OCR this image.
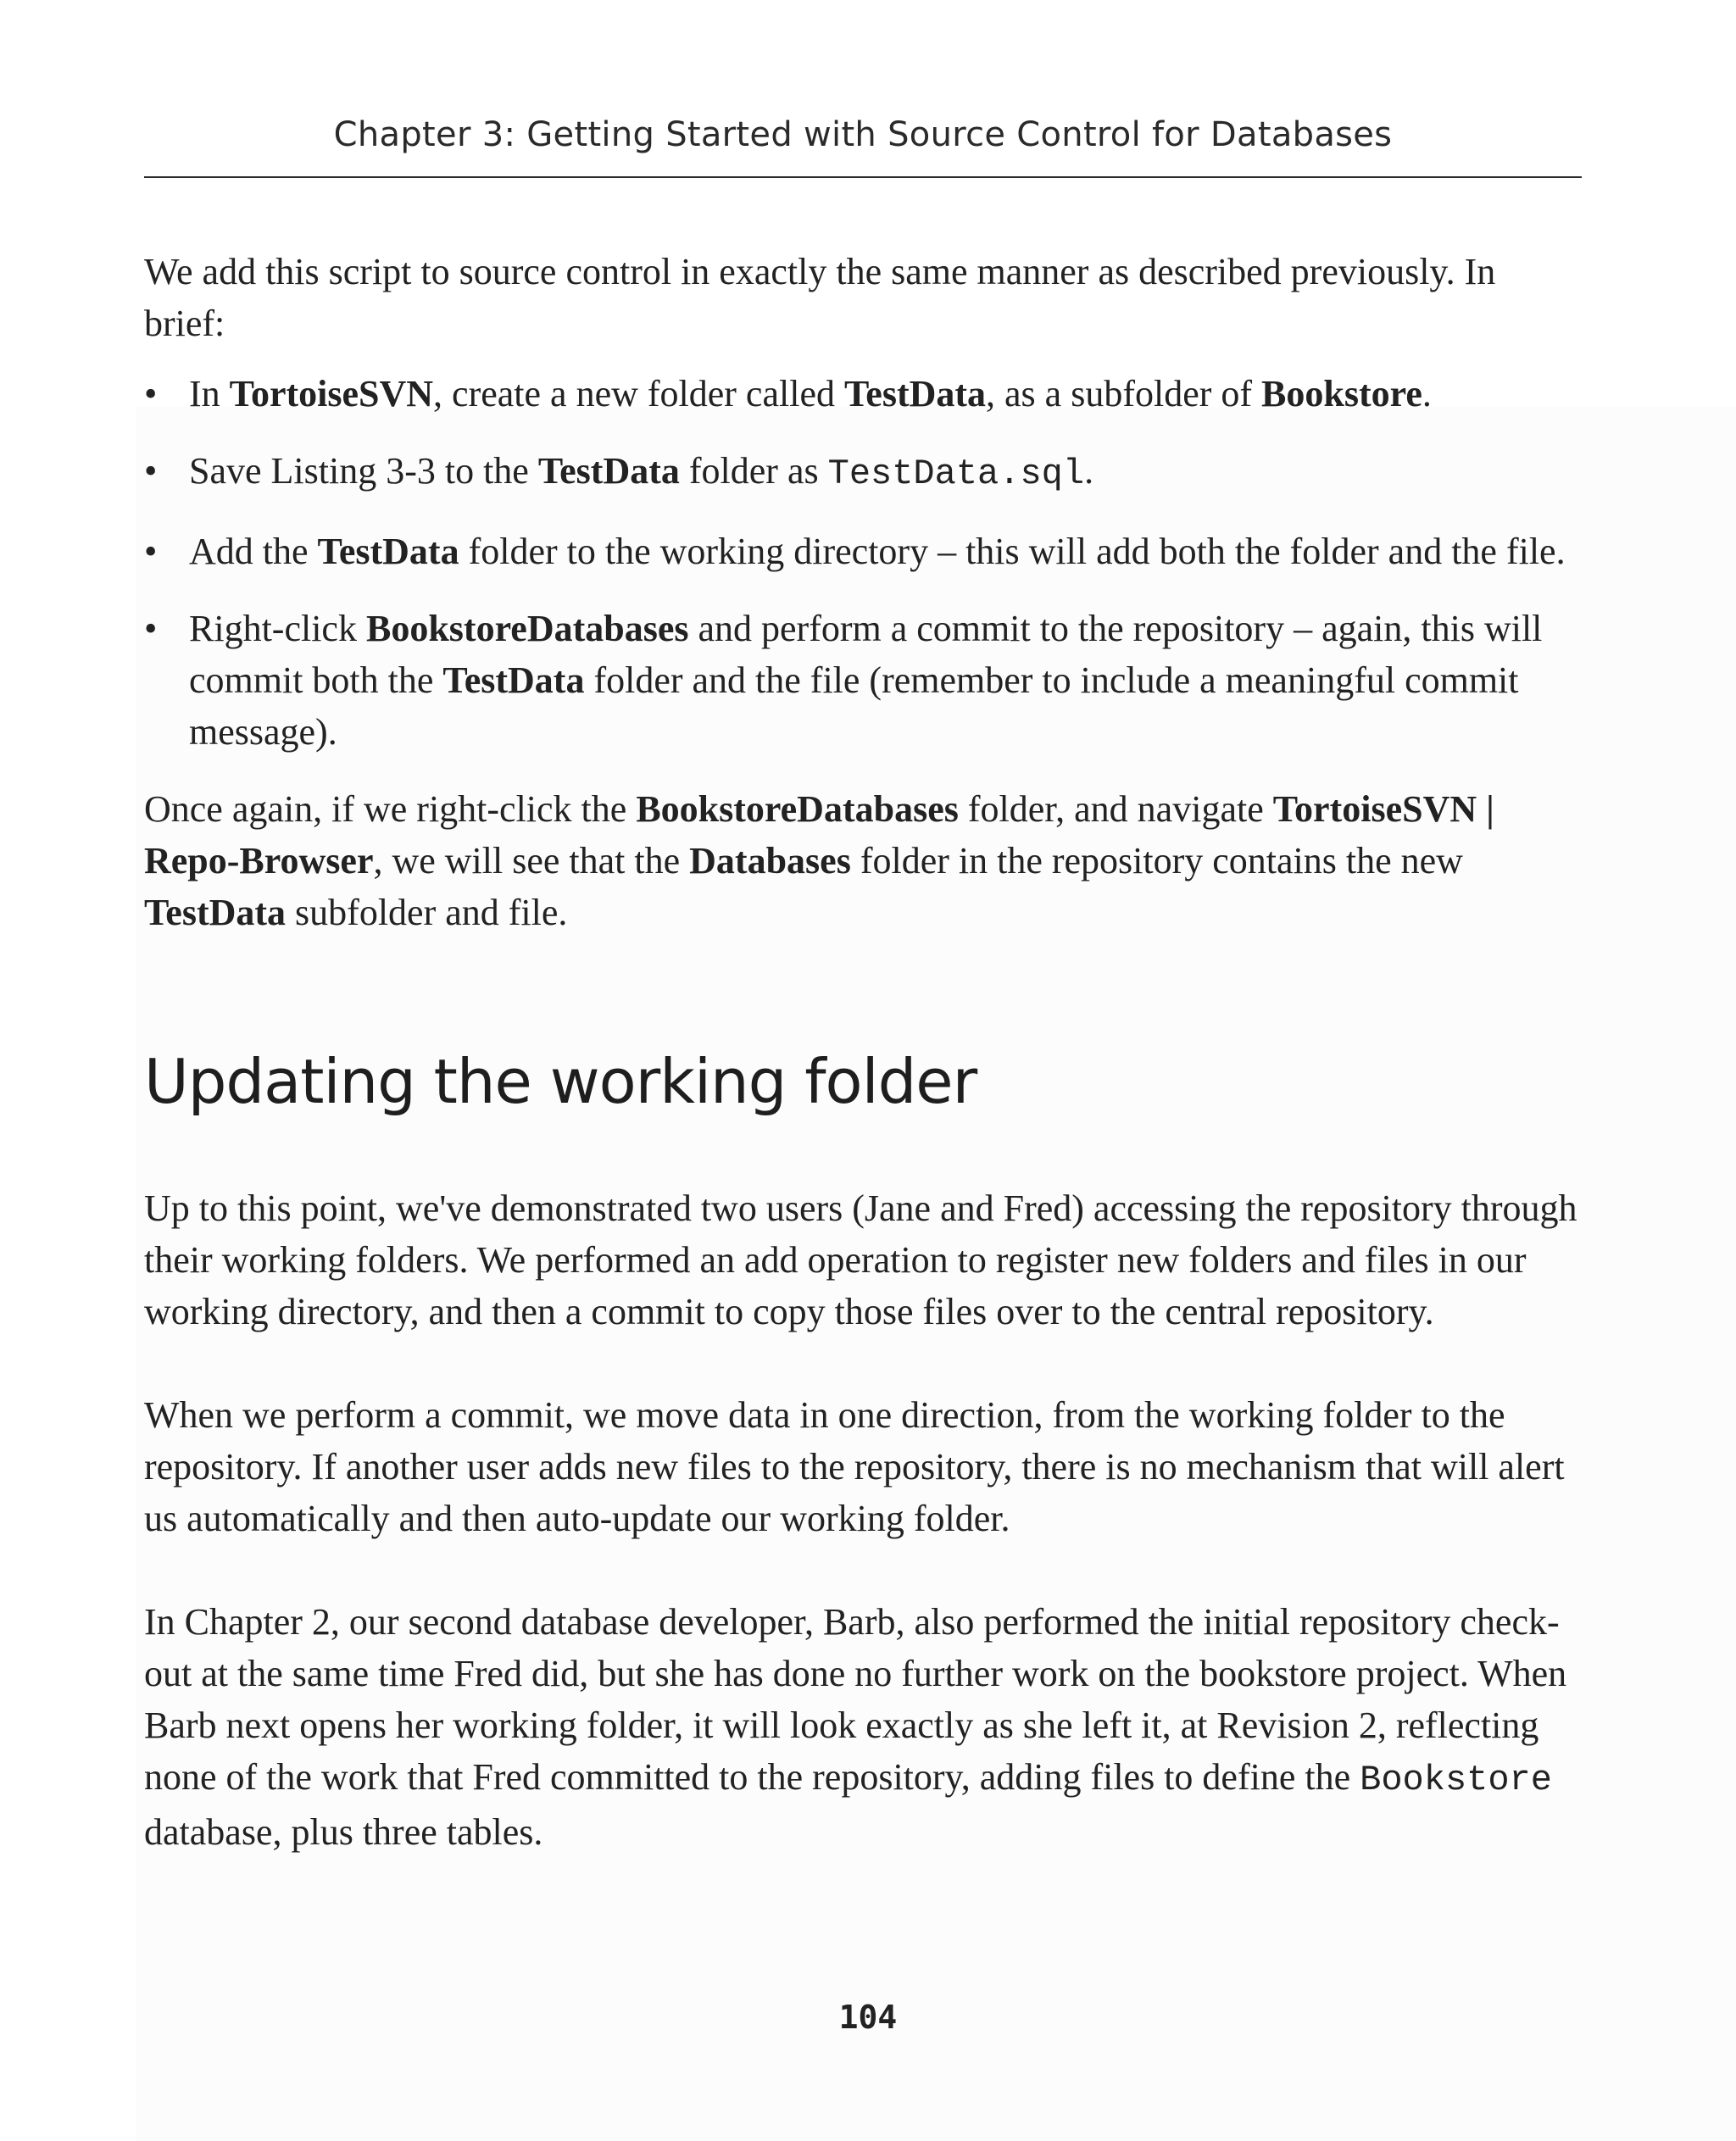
Chapter 3: Getting Started with Source Control for Databases

We add this script to source control in exactly the same manner as described previously. In brief:

• In TortoiseSVN, create a new folder called TestData, as a subfolder of Bookstore.
• Save Listing 3-3 to the TestData folder as TestData.sql.
• Add the TestData folder to the working directory – this will add both the folder and the file.
• Right-click BookstoreDatabases and perform a commit to the repository – again, this will commit both the TestData folder and the file (remember to include a meaningful commit message).

Once again, if we right-click the BookstoreDatabases folder, and navigate TortoiseSVN | Repo-Browser, we will see that the Databases folder in the repository contains the new TestData subfolder and file.

Updating the working folder

Up to this point, we've demonstrated two users (Jane and Fred) accessing the repository through their working folders. We performed an add operation to register new folders and files in our working directory, and then a commit to copy those files over to the central repository.

When we perform a commit, we move data in one direction, from the working folder to the repository. If another user adds new files to the repository, there is no mechanism that will alert us automatically and then auto-update our working folder.

In Chapter 2, our second database developer, Barb, also performed the initial repository check-out at the same time Fred did, but she has done no further work on the bookstore project. When Barb next opens her working folder, it will look exactly as she left it, at Revision 2, reflecting none of the work that Fred committed to the repository, adding files to define the Bookstore database, plus three tables.

104
